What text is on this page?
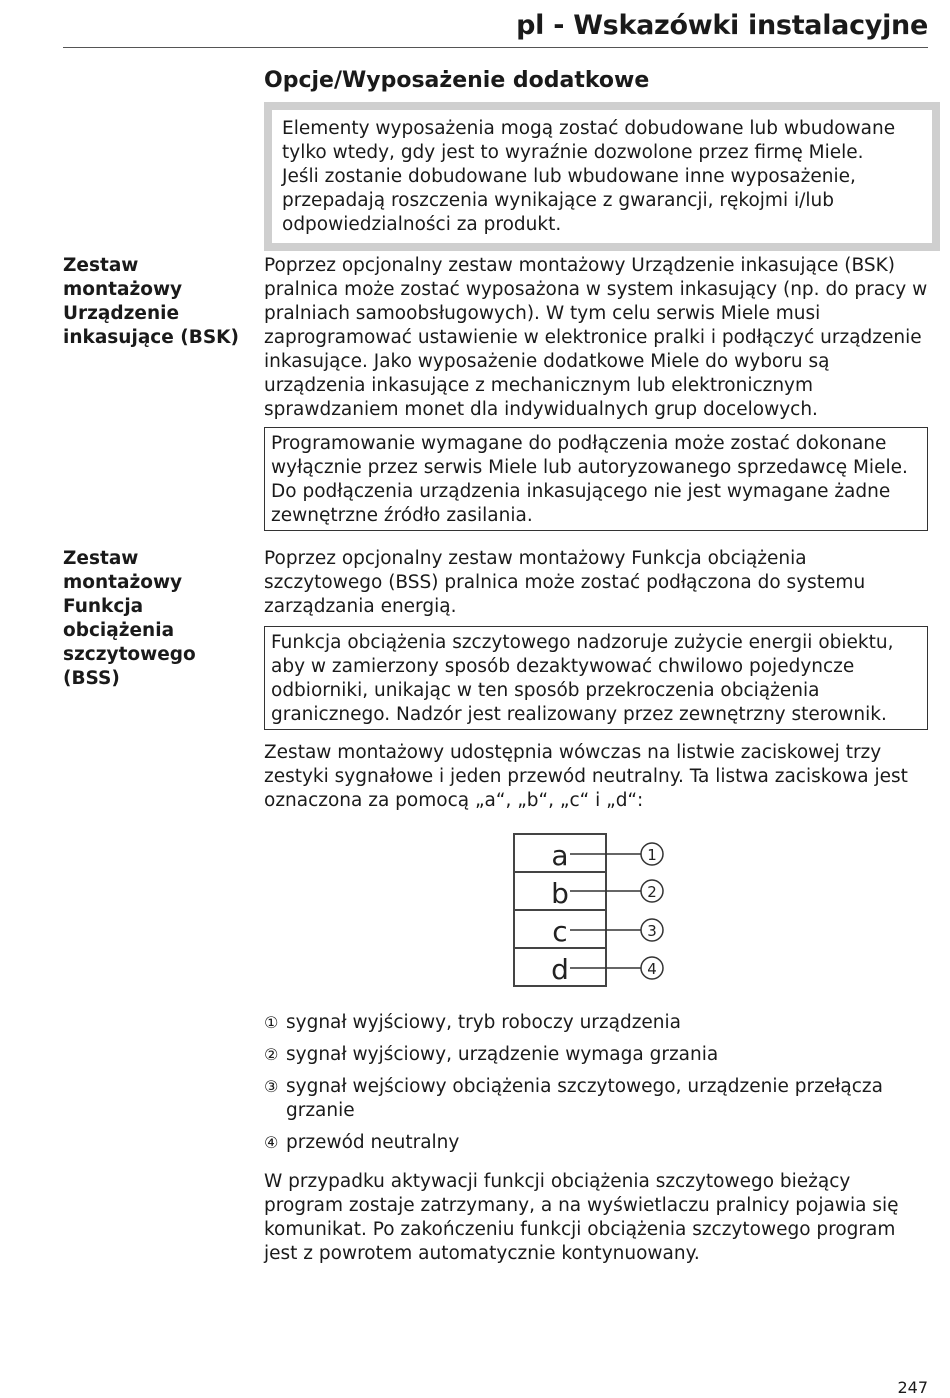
pl - Wskazówki instalacyjne
Opcje/Wyposażenie dodatkowe
Elementy wyposażenia mogą zostać dobudowane lub wbudowane tylko wtedy, gdy jest to wyraźnie dozwolone przez firmę Miele.
Jeśli zostanie dobudowane lub wbudowane inne wyposażenie, przepadają roszczenia wynikające z gwarancji, rękojmi i/lub odpowiedzialności za produkt.
Zestaw montażowy Urządzenie inkasujące (BSK)
Poprzez opcjonalny zestaw montażowy Urządzenie inkasujące (BSK) pralnica może zostać wyposażona w system inkasujący (np. do pracy w pralniach samoobsługowych). W tym celu serwis Miele musi zaprogramować ustawienie w elektronice pralki i podłączyć urządzenie inkasujące. Jako wyposażenie dodatkowe Miele do wyboru są urządzenia inkasujące z mechanicznym lub elektronicznym sprawdzaniem monet dla indywidualnych grup docelowych.
Programowanie wymagane do podłączenia może zostać dokonane wyłącznie przez serwis Miele lub autoryzowanego sprzedawcę Miele. Do podłączenia urządzenia inkasującego nie jest wymagane żadne zewnętrzne źródło zasilania.
Zestaw montażowy Funkcja obciążenia szczytowego (BSS)
Poprzez opcjonalny zestaw montażowy Funkcja obciążenia szczytowego (BSS) pralnica może zostać podłączona do systemu zarządzania energią.
Funkcja obciążenia szczytowego nadzoruje zużycie energii obiektu, aby w zamierzony sposób dezaktywować chwilowo pojedyncze odbiorniki, unikając w ten sposób przekroczenia obciążenia granicznego. Nadzór jest realizowany przez zewnętrzny sterownik.
Zestaw montażowy udostępnia wówczas na listwie zaciskowej trzy zestyki sygnałowe i jeden przewód neutralny. Ta listwa zaciskowa jest oznaczona za pomocą „a“, „b“, „c“ i „d“:
a
b
c
d
1
2
3
4
① sygnał wyjściowy, tryb roboczy urządzenia
② sygnał wyjściowy, urządzenie wymaga grzania
③ sygnał wejściowy obciążenia szczytowego, urządzenie przełącza grzanie
④ przewód neutralny
W przypadku aktywacji funkcji obciążenia szczytowego bieżący program zostaje zatrzymany, a na wyświetlaczu pralnicy pojawia się komunikat. Po zakończeniu funkcji obciążenia szczytowego program jest z powrotem automatycznie kontynuowany.
247
